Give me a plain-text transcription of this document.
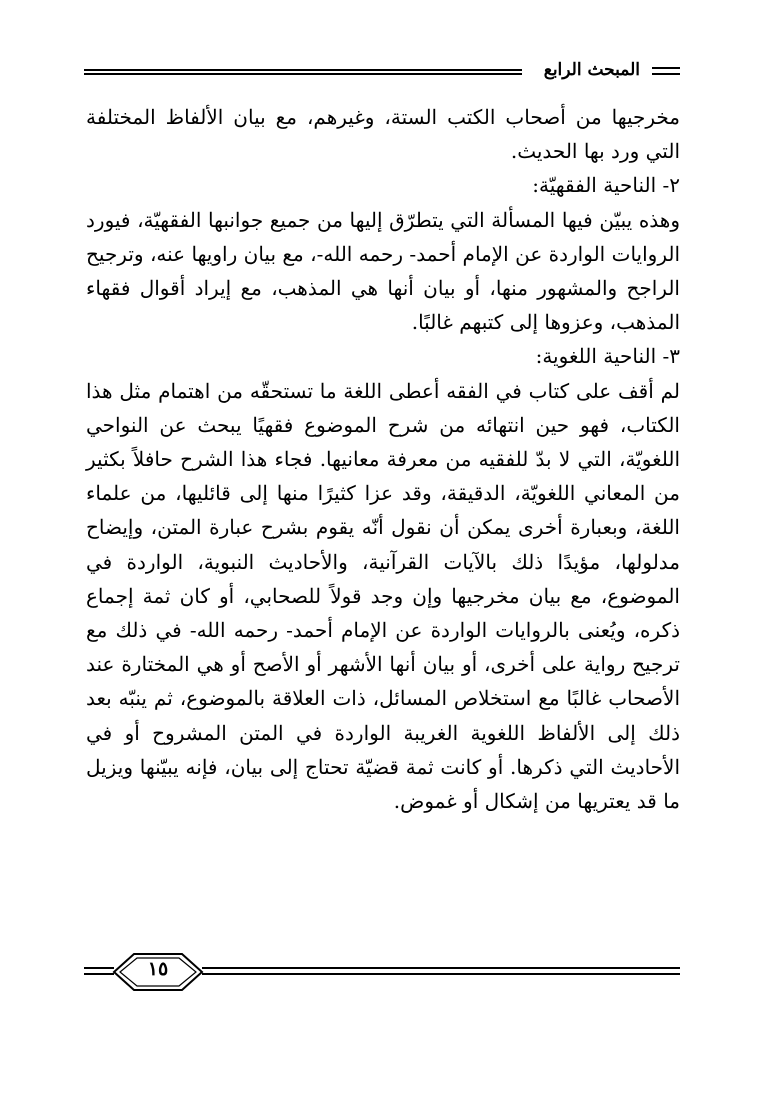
المبحث الرابع

مخرجيها من أصحاب الكتب الستة، وغيرهم، مع بيان الألفاظ المختلفة التي ورد بها الحديث.

٢- الناحية الفقهيّة:

وهذه يبيّن فيها المسألة التي يتطرّق إليها من جميع جوانبها الفقهيّة، فيورد الروايات الواردة عن الإمام أحمد- رحمه الله-، مع بيان راويها عنه، وترجيح الراجح والمشهور منها، أو بيان أنها هي المذهب، مع إيراد أقوال فقهاء المذهب، وعزوها إلى كتبهم غالبًا.

٣- الناحية اللغوية:

لم أقف على كتاب في الفقه أعطى اللغة ما تستحقّه من اهتمام مثل هذا الكتاب، فهو حين انتهائه من شرح الموضوع فقهيًا يبحث عن النواحي اللغويّة، التي لا بدّ للفقيه من معرفة معانيها. فجاء هذا الشرح حافلاً بكثير من المعاني اللغويّة، الدقيقة، وقد عزا كثيرًا منها إلى قائليها، من علماء اللغة، وبعبارة أخرى يمكن أن نقول أنّه يقوم بشرح عبارة المتن، وإيضاح مدلولها، مؤيدًا ذلك بالآيات القرآنية، والأحاديث النبوية، الواردة في الموضوع، مع بيان مخرجيها وإن وجد قولاً للصحابي، أو كان ثمة إجماع ذكره، ويُعنى بالروايات الواردة عن الإمام أحمد- رحمه الله- في ذلك مع ترجيح رواية على أخرى، أو بيان أنها الأشهر أو الأصح أو هي المختارة عند الأصحاب غالبًا مع استخلاص المسائل، ذات العلاقة بالموضوع، ثم ينبّه بعد ذلك إلى الألفاظ اللغوية الغريبة الواردة في المتن المشروح أو في الأحاديث التي ذكرها. أو كانت ثمة قضيّة تحتاج إلى بيان، فإنه يبيّنها ويزيل ما قد يعتريها من إشكال أو غموض.

١٥
